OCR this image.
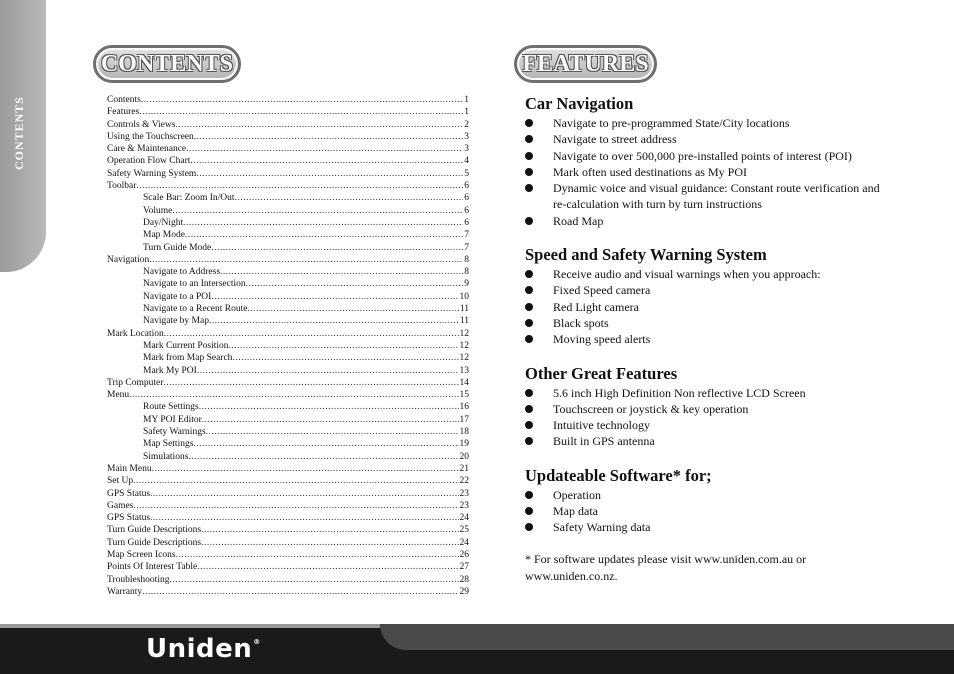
CONTENTS
CONTENTS	FEATURES
Contents .....	1
Features .....	1
Controls & Views .....	2
Using the Touchscreen .....	3
Care & Maintenance .....	3
Operation Flow Chart .....	4
Safety Warning System .....	5
Toolbar .....	6
Scale Bar: Zoom In/Out .....	6
Volume .....	6
Day/Night .....	6
Map Mode .....	7
Turn Guide Mode .....	7
Navigation .....	8
Navigate to Address .....	8
Navigate to an Intersection .....	9
Navigate to a POI .....	10
Navigate to a Recent Route .....	11
Navigate by Map .....	11
Mark Location .....	12
Mark Current Position .....	12
Mark from Map Search .....	12
Mark My POI .....	13
Trip Computer .....	14
Menu .....	15
Route Settings .....	16
MY POI Editor .....	17
Safety Warnings .....	18
Map Settings .....	19
Simulations .....	20
Main Menu .....	21
Set Up .....	22
GPS Status .....	23
Games .....	23
GPS Status .....	24
Turn Guide Descriptions .....	25
Turn Guide Descriptions .....	24
Map Screen Icons .....	26
Points Of Interest Table .....	27
Troubleshooting .....	28
Warranty .....	29
Car Navigation
Navigate to pre-programmed State/City locations
Navigate to street address
Navigate to over 500,000 pre-installed points of interest (POI)
Mark often used destinations as My POI
Dynamic voice and visual guidance: Constant route verification and re-calculation with turn by turn instructions
Road Map
Speed and Safety Warning System
Receive audio and visual warnings when you approach:
Fixed Speed camera
Red Light camera
Black spots
Moving speed alerts
Other Great Features
5.6 inch High Definition Non reflective LCD Screen
Touchscreen or joystick & key operation
Intuitive technology
Built in GPS antenna
Updateable Software* for;
Operation
Map data
Safety Warning data

* For software updates please visit www.uniden.com.au or www.uniden.co.nz.

Uniden®
